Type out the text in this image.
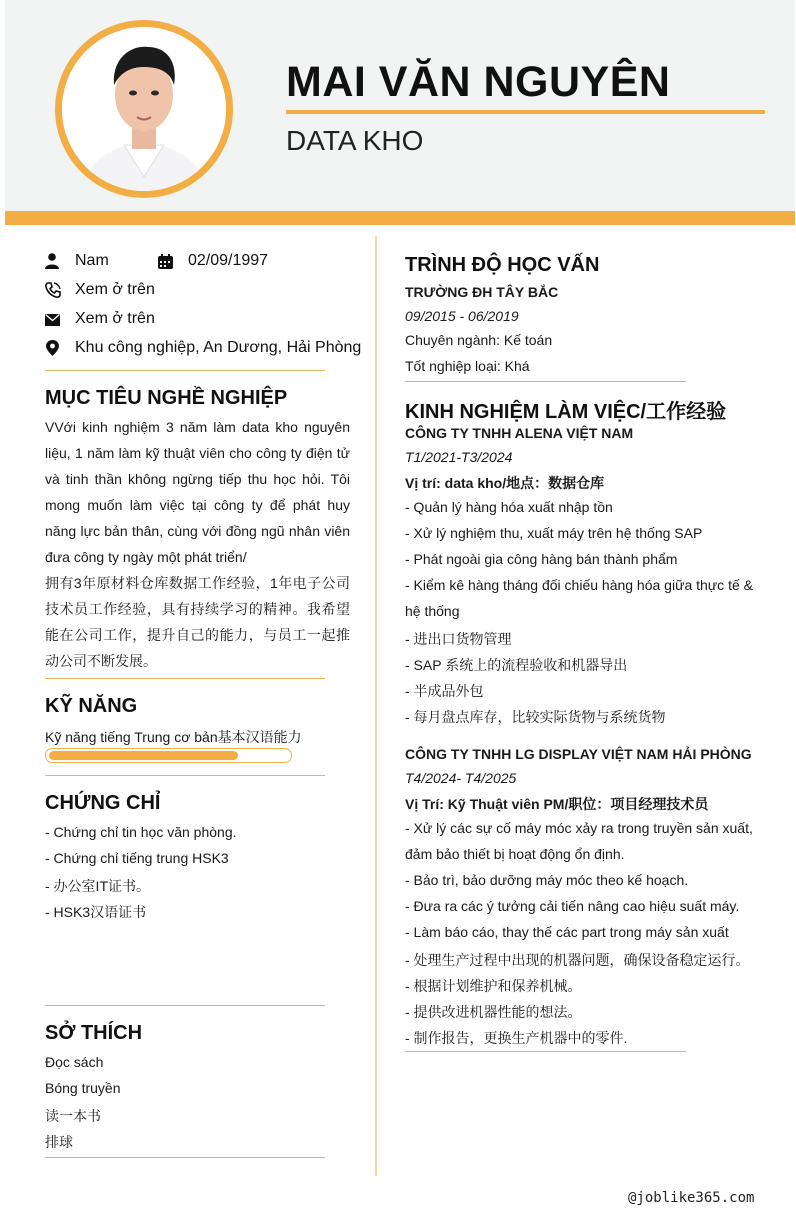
MAI VĂN NGUYÊN
DATA KHO
Nam	02/09/1997
Xem ở trên
Xem ở trên
Khu công nghiệp, An Dương, Hải Phòng
MỤC TIÊU NGHỀ NGHIỆP
VVới kinh nghiệm 3 năm làm data kho nguyên liệu, 1 năm làm kỹ thuật viên cho công ty điện tử và tinh thần không ngừng tiếp thu học hỏi. Tôi mong muốn làm việc tại công ty để phát huy năng lực bản thân, cùng với đồng ngũ nhân viên đưa công ty ngày một phát triển/
拥有3年原材料仓库数据工作经验，1年电子公司技术员工作经验，具有持续学习的精神。我希望能在公司工作，提升自己的能力，与员工一起推动公司不断发展。
KỸ NĂNG
Kỹ năng tiếng Trung cơ bản基本汉语能力
CHỨNG CHỈ
- Chứng chỉ tin học văn phòng.
- Chứng chỉ tiếng trung HSK3
- 办公室IT证书。
- HSK3汉语证书
SỞ THÍCH
Đọc sách
Bóng truyền
读一本书
排球
TRÌNH ĐỘ HỌC VẤN
TRƯỜNG ĐH TÂY BẮC
09/2015 - 06/2019
Chuyên ngành: Kế toán
Tốt nghiệp loại: Khá
KINH NGHIỆM LÀM VIỆC/工作经验
CÔNG TY TNHH ALENA VIỆT NAM
T1/2021-T3/2024
Vị trí: data kho/地点：数据仓库
- Quản lý hàng hóa xuất nhập tồn
- Xử lý nghiệm thu, xuất máy trên hệ thống SAP
- Phát ngoài gia công hàng bán thành phẩm
- Kiểm kê hàng tháng đối chiếu hàng hóa giữa thực tế &
hệ thống
- 进出口货物管理
- SAP 系统上的流程验收和机器导出
- 半成品外包
- 每月盘点库存，比较实际货物与系统货物
CÔNG TY TNHH LG DISPLAY VIỆT NAM HẢI PHÒNG
T4/2024- T4/2025
Vị Trí: Kỹ Thuật viên PM/职位：项目经理技术员
- Xử lý các sự cố máy móc xảy ra trong truyền sản xuất,
đảm bảo thiết bị hoạt động ổn định.
- Bảo trì, bảo dưỡng máy móc theo kế hoạch.
- Đưa ra các ý tưởng cải tiến nâng cao hiệu suất máy.
- Làm báo cáo, thay thế các part trong máy sản xuất
- 处理生产过程中出现的机器问题，确保设备稳定运行。
- 根据计划维护和保养机械。
- 提供改进机器性能的想法。
- 制作报告，更换生产机器中的零件.
@joblike365.com
